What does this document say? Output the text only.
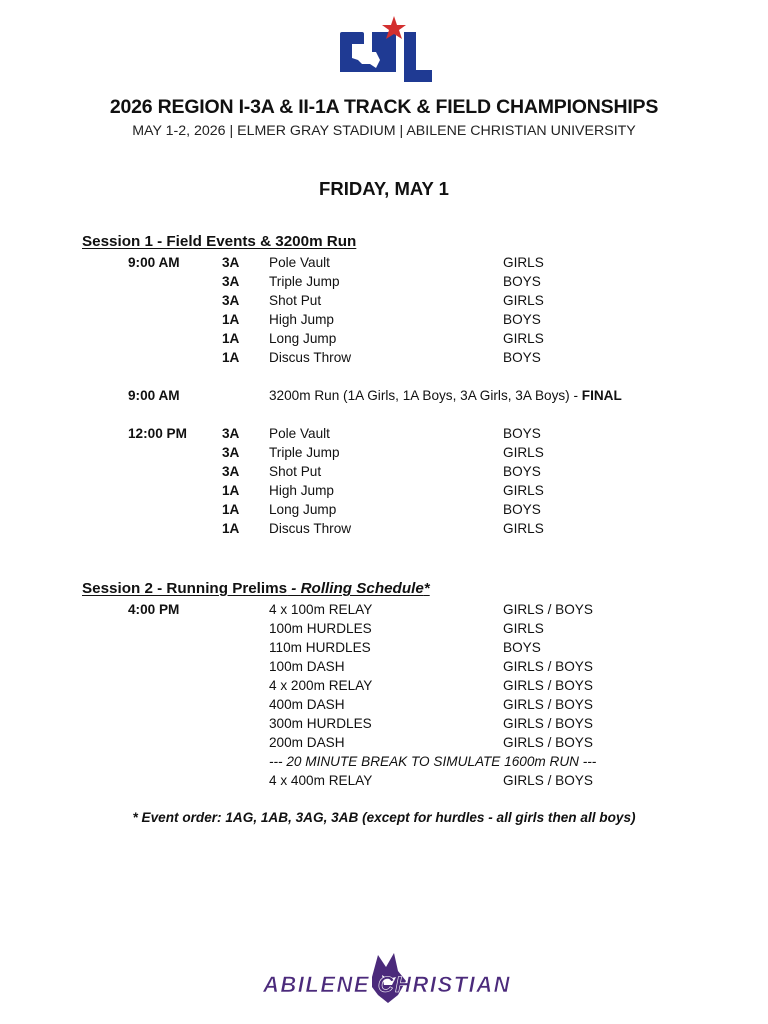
2026 REGION I-3A & II-1A TRACK & FIELD CHAMPIONSHIPS
MAY 1-2, 2026 | ELMER GRAY STADIUM | ABILENE CHRISTIAN UNIVERSITY
FRIDAY, MAY 1
Session 1 - Field Events & 3200m Run
9:00 AM	3A Pole Vault	GIRLS
3A Triple Jump	BOYS
3A Shot Put	GIRLS
1A High Jump	BOYS
1A Long Jump	GIRLS
1A Discus Throw	BOYS
9:00 AM	3200m Run (1A Girls, 1A Boys, 3A Girls, 3A Boys) - FINAL
12:00 PM	3A Pole Vault	BOYS
3A Triple Jump	GIRLS
3A Shot Put	BOYS
1A High Jump	GIRLS
1A Long Jump	BOYS
1A Discus Throw	GIRLS
Session 2 - Running Prelims - Rolling Schedule*
4:00 PM	4 x 100m RELAY	GIRLS / BOYS
100m HURDLES	GIRLS
110m HURDLES	BOYS
100m DASH	GIRLS / BOYS
4 x 200m RELAY	GIRLS / BOYS
400m DASH	GIRLS / BOYS
300m HURDLES	GIRLS / BOYS
200m DASH	GIRLS / BOYS
--- 20 MINUTE BREAK TO SIMULATE 1600m RUN ---
4 x 400m RELAY	GIRLS / BOYS
* Event order: 1AG, 1AB, 3AG, 3AB (except for hurdles - all girls then all boys)
ABILENE CHRISTIAN
